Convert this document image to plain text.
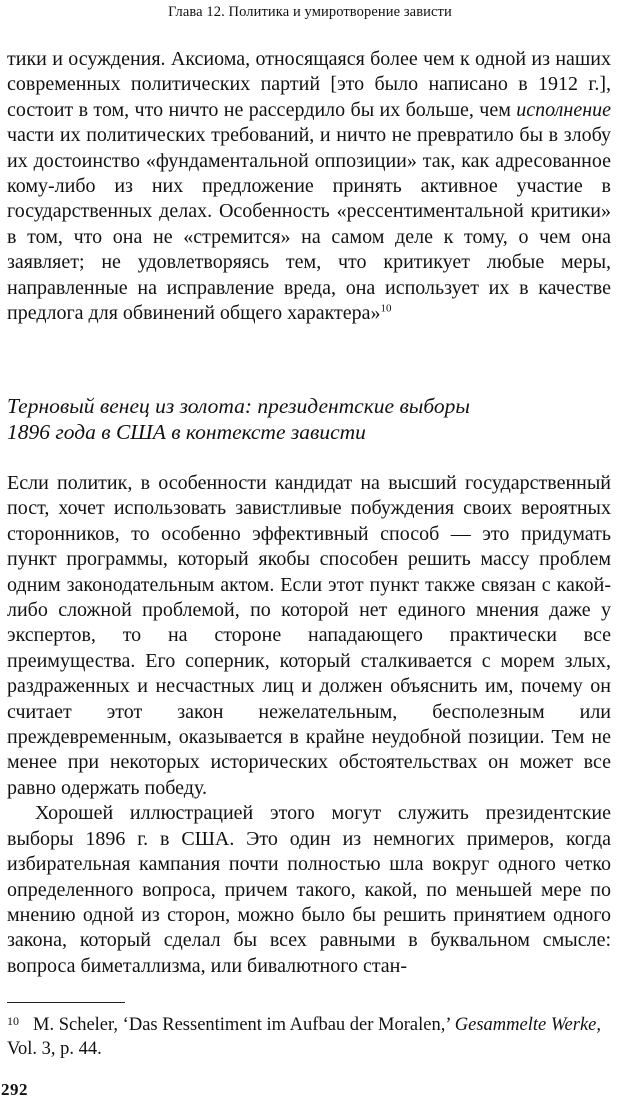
Глава 12. Политика и умиротворение зависти

тики и осуждения. Аксиома, относящаяся более чем к одной из наших современных политических партий [это было написано в 1912 г.], состоит в том, что ничто не рассердило бы их больше, чем исполнение части их политических требований, и ничто не превратило бы в злобу их достоинство «фундаментальной оппозиции» так, как адресованное кому-либо из них предложение принять активное участие в государственных делах. Особенность «рессентиментальной критики» в том, что она не «стремится» на самом деле к тому, о чем она заявляет; не удовлетворяясь тем, что критикует любые меры, направленные на исправление вреда, она использует их в качестве предлога для обвинений общего характера»$^{10}$

Терновый венец из золота: президентские выборы
1896 года в США в контексте зависти

Если политик, в особенности кандидат на высший государственный пост, хочет использовать завистливые побуждения своих вероятных сторонников, то особенно эффективный способ — это придумать пункт программы, который якобы способен решить массу проблем одним законодательным актом. Если этот пункт также связан с какой-либо сложной проблемой, по которой нет единого мнения даже у экспертов, то на стороне нападающего практически все преимущества. Его соперник, который сталкивается с морем злых, раздраженных и несчастных лиц и должен объяснить им, почему он считает этот закон нежелательным, бесполезным или преждевременным, оказывается в крайне неудобной позиции. Тем не менее при некоторых исторических обстоятельствах он может все равно одержать победу.

Хорошей иллюстрацией этого могут служить президентские выборы 1896 г. в США. Это один из немногих примеров, когда избирательная кампания почти полностью шла вокруг одного четко определенного вопроса, причем такого, какой, по меньшей мере по мнению одной из сторон, можно было бы решить принятием одного закона, который сделал бы всех равными в буквальном смысле: вопроса биметаллизма, или бивалютного стан-

10 M. Scheler, ‘Das Ressentiment im Aufbau der Moralen,’ Gesammelte Werke, Vol. 3, p. 44.
292
